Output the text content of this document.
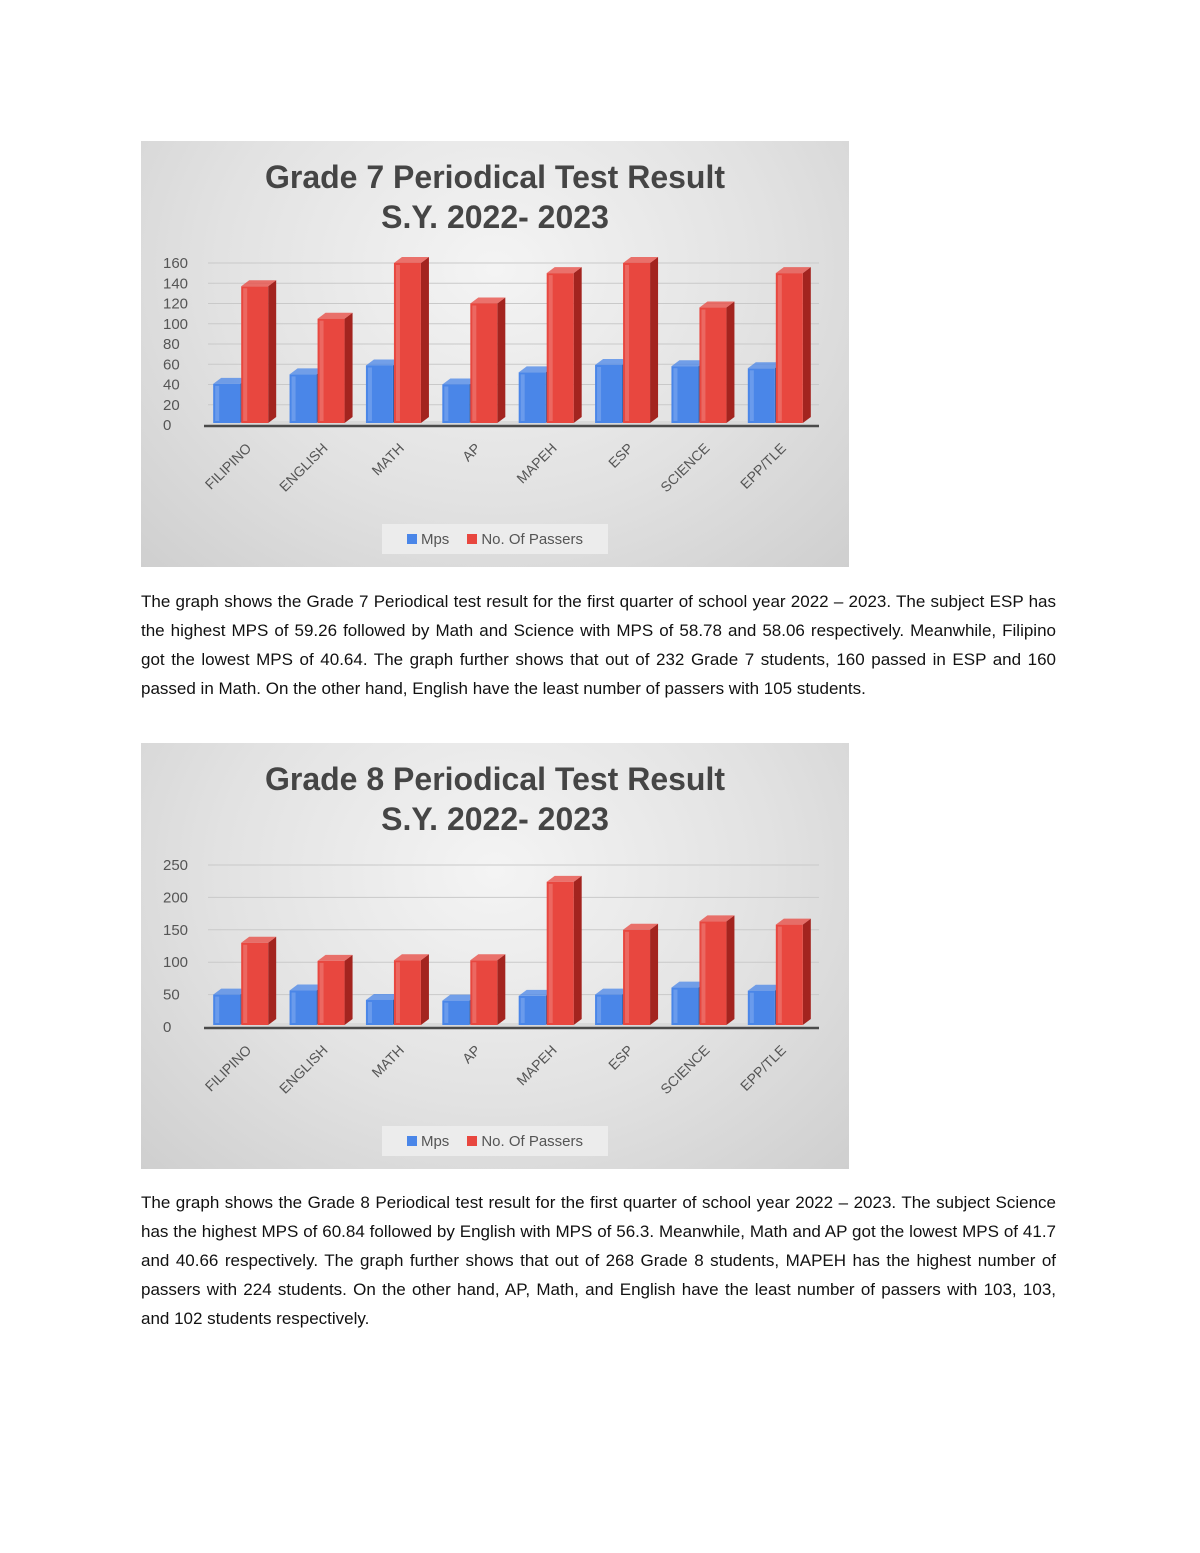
Grade 7 Periodical Test Result
S.Y. 2022- 2023
0
20
40
60
80
100
120
140
160
FILIPINO ENGLISH	MATH	AP MAPEH	ESP SCIENCE EPP/TLE
Mps No. Of Passers

The graph shows the Grade 7 Periodical test result for the first quarter of school year 2022 – 2023. The subject ESP has the highest MPS of 59.26 followed by Math and Science with MPS of 58.78 and 58.06 respectively. Meanwhile, Filipino got the lowest MPS of 40.64. The graph further shows that out of 232 Grade 7 students, 160 passed in ESP and 160 passed in Math. On the other hand, English have the least number of passers with 105 students.

Grade 8 Periodical Test Result
S.Y. 2022- 2023
0
50
100
150
200
250
FILIPINO ENGLISH	MATH	AP MAPEH	ESP SCIENCE EPP/TLE
Mps No. Of Passers

The graph shows the Grade 8 Periodical test result for the first quarter of school year 2022 – 2023. The subject Science has the highest MPS of 60.84 followed by English with MPS of 56.3. Meanwhile, Math and AP got the lowest MPS of 41.7 and 40.66 respectively. The graph further shows that out of 268 Grade 8 students, MAPEH has the highest number of passers with 224 students. On the other hand, AP, Math, and English have the least number of passers with 103, 103, and 102 students respectively.
